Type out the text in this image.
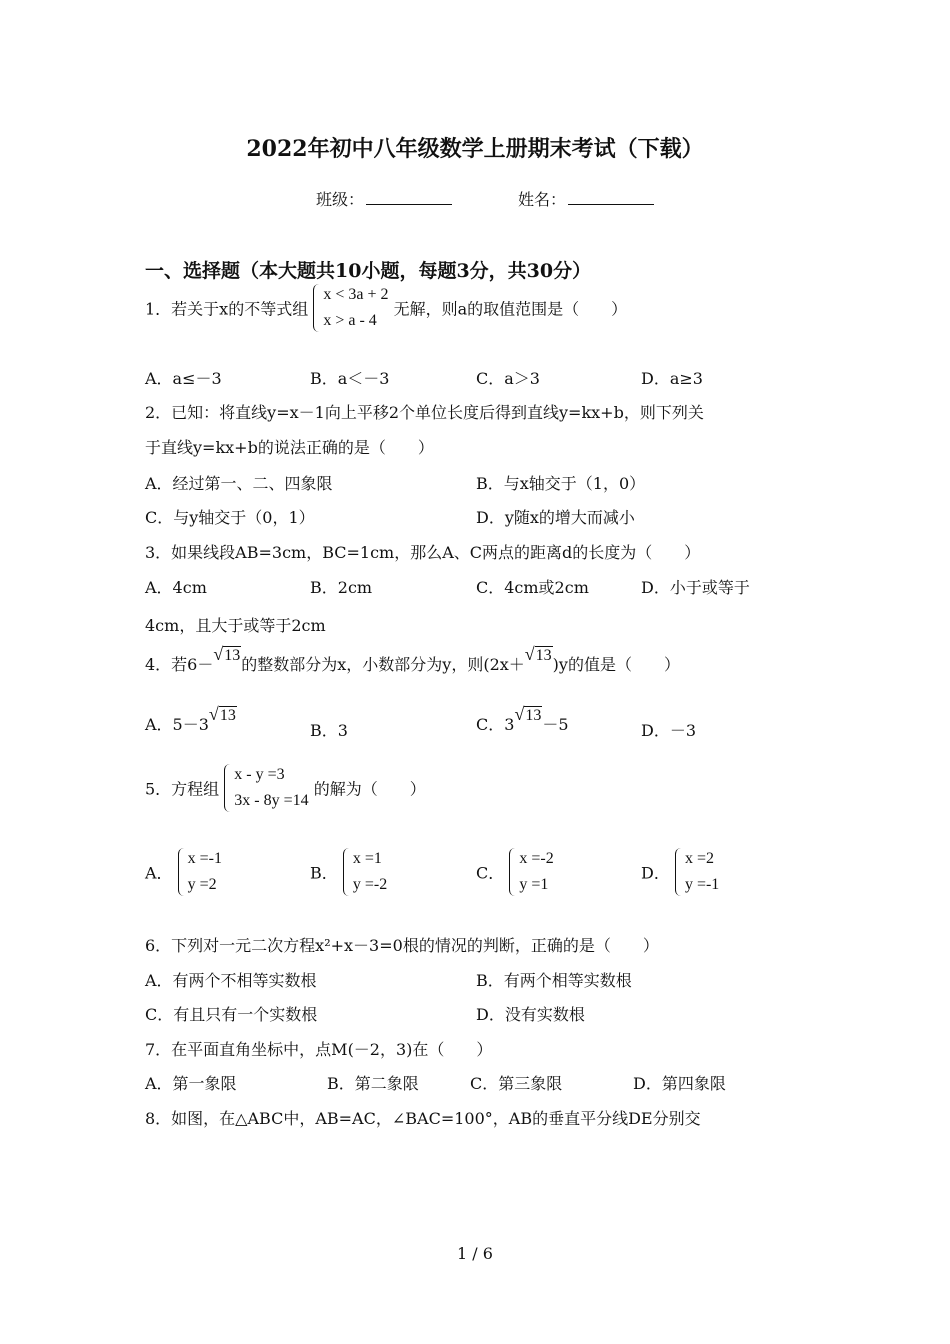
2022年初中八年级数学上册期末考试（下载）
班级：	姓名：
一、选择题（本大题共10小题，每题3分，共30分）
1．若关于x的不等式组
x < 3a + 2
x > a - 4
无解，则a的取值范围是（　　）
A．a≤－3	B．a＜－3	C．a＞3	D．a≥3
2．已知：将直线y=x－1向上平移2个单位长度后得到直线y=kx+b，则下列关
于直线y=kx+b的说法正确的是（　　）
A．经过第一、二、四象限	B．与x轴交于（1，0）
C．与y轴交于（0，1）	D．y随x的增大而减小
3．如果线段AB=3cm，BC=1cm，那么A、C两点的距离d的长度为（　　）
A．4cm	B．2cm	C．4cm或2cm	D．小于或等于
4cm，且大于或等于2cm
4．若6－√13的整数部分为x，小数部分为y，则(2x＋√13)y的值是（　　）
A．5－3√13
B．3	C．3√13－5	D．－3
5．方程组
x - y =3
3x - 8y =14
的解为（　　）
A．
x =-1
y =2
B．
x =1
y =-2
C．
x =-2
y =1
D．
x =2
y =-1
6．下列对一元二次方程x²+x－3=0根的情况的判断，正确的是（　　）
A．有两个不相等实数根	B．有两个相等实数根
C．有且只有一个实数根	D．没有实数根
7．在平面直角坐标中，点M(－2，3)在（　　）
A．第一象限	B．第二象限	C．第三象限	D．第四象限
8．如图，在△ABC中，AB=AC，∠BAC=100°，AB的垂直平分线DE分别交
1 / 6
